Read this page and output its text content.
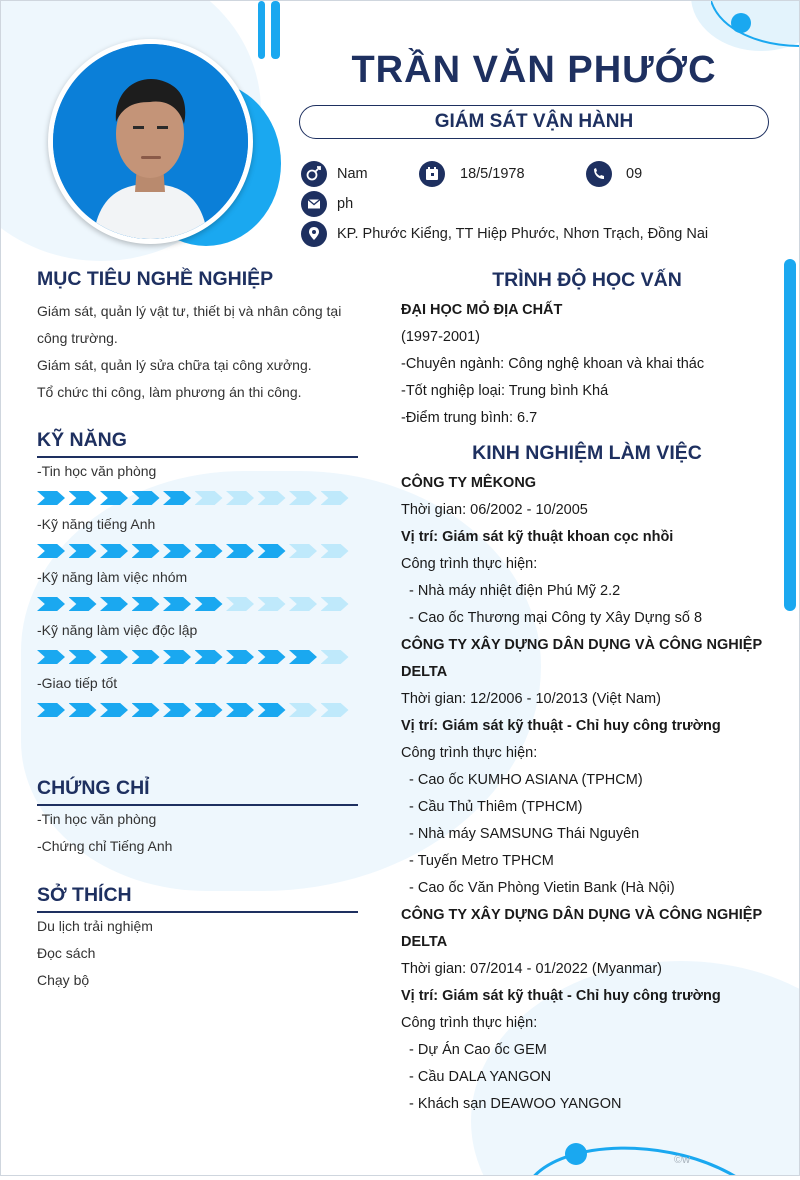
TRẦN VĂN PHƯỚC
GIÁM SÁT VẬN HÀNH
Nam	18/5/1978	09
ph
KP. Phước Kiểng, TT Hiệp Phước, Nhơn Trạch, Đồng Nai
MỤC TIÊU NGHỀ NGHIỆP
Giám sát, quản lý vật tư, thiết bị và nhân công tại
công trường.
Giám sát, quản lý sửa chữa tại công xưởng.
Tổ chức thi công, làm phương án thi công.
KỸ NĂNG
-Tin học văn phòng
-Kỹ năng tiếng Anh
-Kỹ năng làm việc nhóm
-Kỹ năng làm việc độc lập
-Giao tiếp tốt
CHỨNG CHỈ
-Tin học văn phòng
-Chứng chỉ Tiếng Anh
SỞ THÍCH
Du lịch trải nghiệm
Đọc sách
Chạy bộ
TRÌNH ĐỘ HỌC VẤN
ĐẠI HỌC MỎ ĐỊA CHẤT
(1997-2001)
-Chuyên ngành: Công nghệ khoan và khai thác
-Tốt nghiệp loại: Trung bình Khá
-Điểm trung bình: 6.7
KINH NGHIỆM LÀM VIỆC
CÔNG TY MÊKONG
Thời gian: 06/2002 - 10/2005
Vị trí: Giám sát kỹ thuật khoan cọc nhồi
Công trình thực hiện:
- Nhà máy nhiệt điện Phú Mỹ 2.2
- Cao ốc Thương mại Công ty Xây Dựng số 8
CÔNG TY XÂY DỰNG DÂN DỤNG VÀ CÔNG NGHIỆP
DELTA
Thời gian: 12/2006 - 10/2013 (Việt Nam)
Vị trí: Giám sát kỹ thuật - Chỉ huy công trường
Công trình thực hiện:
- Cao ốc KUMHO ASIANA (TPHCM)
- Cầu Thủ Thiêm (TPHCM)
- Nhà máy SAMSUNG Thái Nguyên
- Tuyến Metro TPHCM
- Cao ốc Văn Phòng Vietin Bank (Hà Nội)
CÔNG TY XÂY DỰNG DÂN DỤNG VÀ CÔNG NGHIỆP
DELTA
Thời gian: 07/2014 - 01/2022 (Myanmar)
Vị trí: Giám sát kỹ thuật - Chỉ huy công trường
Công trình thực hiện:
- Dự Án Cao ốc GEM
- Cầu DALA YANGON
- Khách sạn DEAWOO YANGON
©w
